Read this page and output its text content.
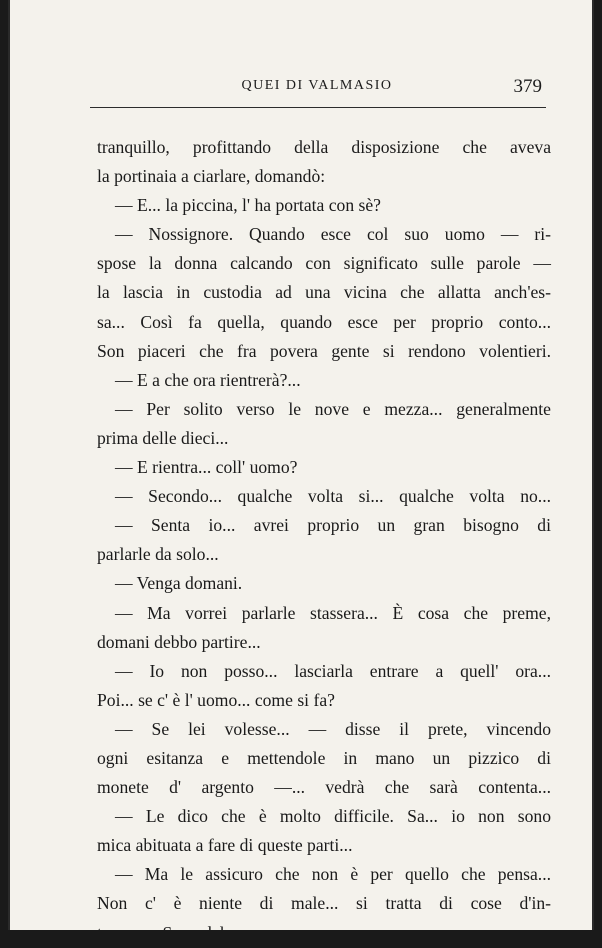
QUEI DI VALMASIO	379
tranquillo, profittando della disposizione che aveva
la portinaia a ciarlare, domandò:
— E... la piccina, l' ha portata con sè?
— Nossignore. Quando esce col suo uomo — ri-
spose la donna calcando con significato sulle parole —
la lascia in custodia ad una vicina che allatta anch'es-
sa... Così fa quella, quando esce per proprio conto...
Son piaceri che fra povera gente si rendono volentieri.
— E a che ora rientrerà?...
— Per solito verso le nove e mezza... generalmente
prima delle dieci...
— E rientra... coll' uomo?
— Secondo... qualche volta si... qualche volta no...
— Senta io... avrei proprio un gran bisogno di
parlarle da solo...
— Venga domani.
— Ma vorrei parlarle stassera... È cosa che preme,
domani debbo partire...
— Io non posso... lasciarla entrare a quell' ora...
Poi... se c' è l' uomo... come si fa?
— Se lei volesse... — disse il prete, vincendo
ogni esitanza e mettendole in mano un pizzico di
monete d' argento —... vedrà che sarà contenta...
— Le dico che è molto difficile. Sa... io non sono
mica abituata a fare di queste parti...
— Ma le assicuro che non è per quello che pensa...
Non c' è niente di male... si tratta di cose d'in-
